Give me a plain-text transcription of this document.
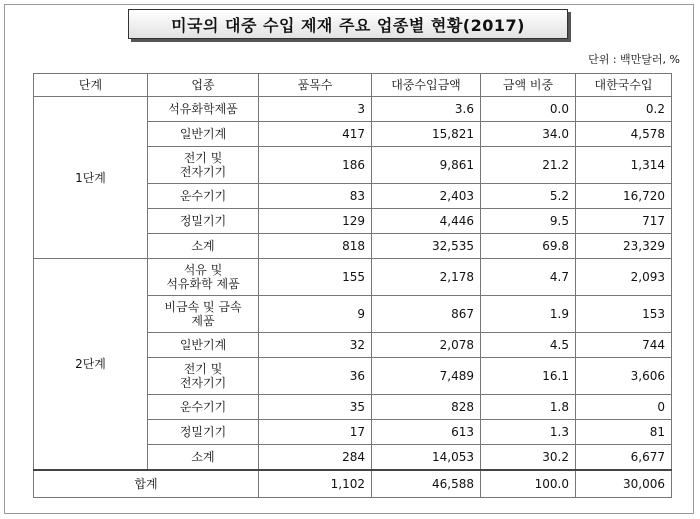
미국의 대중 수입 제재 주요 업종별 현황(2017)
단위 : 백만달러, %
단계	업종	품목수	대중수입금액	금액 비중	대한국수입
1단계	석유화학제품	3	3.6	0.0	0.2
	일반기계	417	15,821	34.0	4,578
	전기 및
전자기기	186	9,861	21.2	1,314
	운수기기	83	2,403	5.2	16,720
	정밀기기	129	4,446	9.5	717
	소계	818	32,535	69.8	23,329
2단계	석유 및
석유화학 제품	155	2,178	4.7	2,093
	비금속 및 금속
제품	9	867	1.9	153
	일반기계	32	2,078	4.5	744
	전기 및
전자기기	36	7,489	16.1	3,606
	운수기기	35	828	1.8	0
	정밀기기	17	613	1.3	81
	소계	284	14,053	30.2	6,677
합계		1,102	46,588	100.0	30,006
